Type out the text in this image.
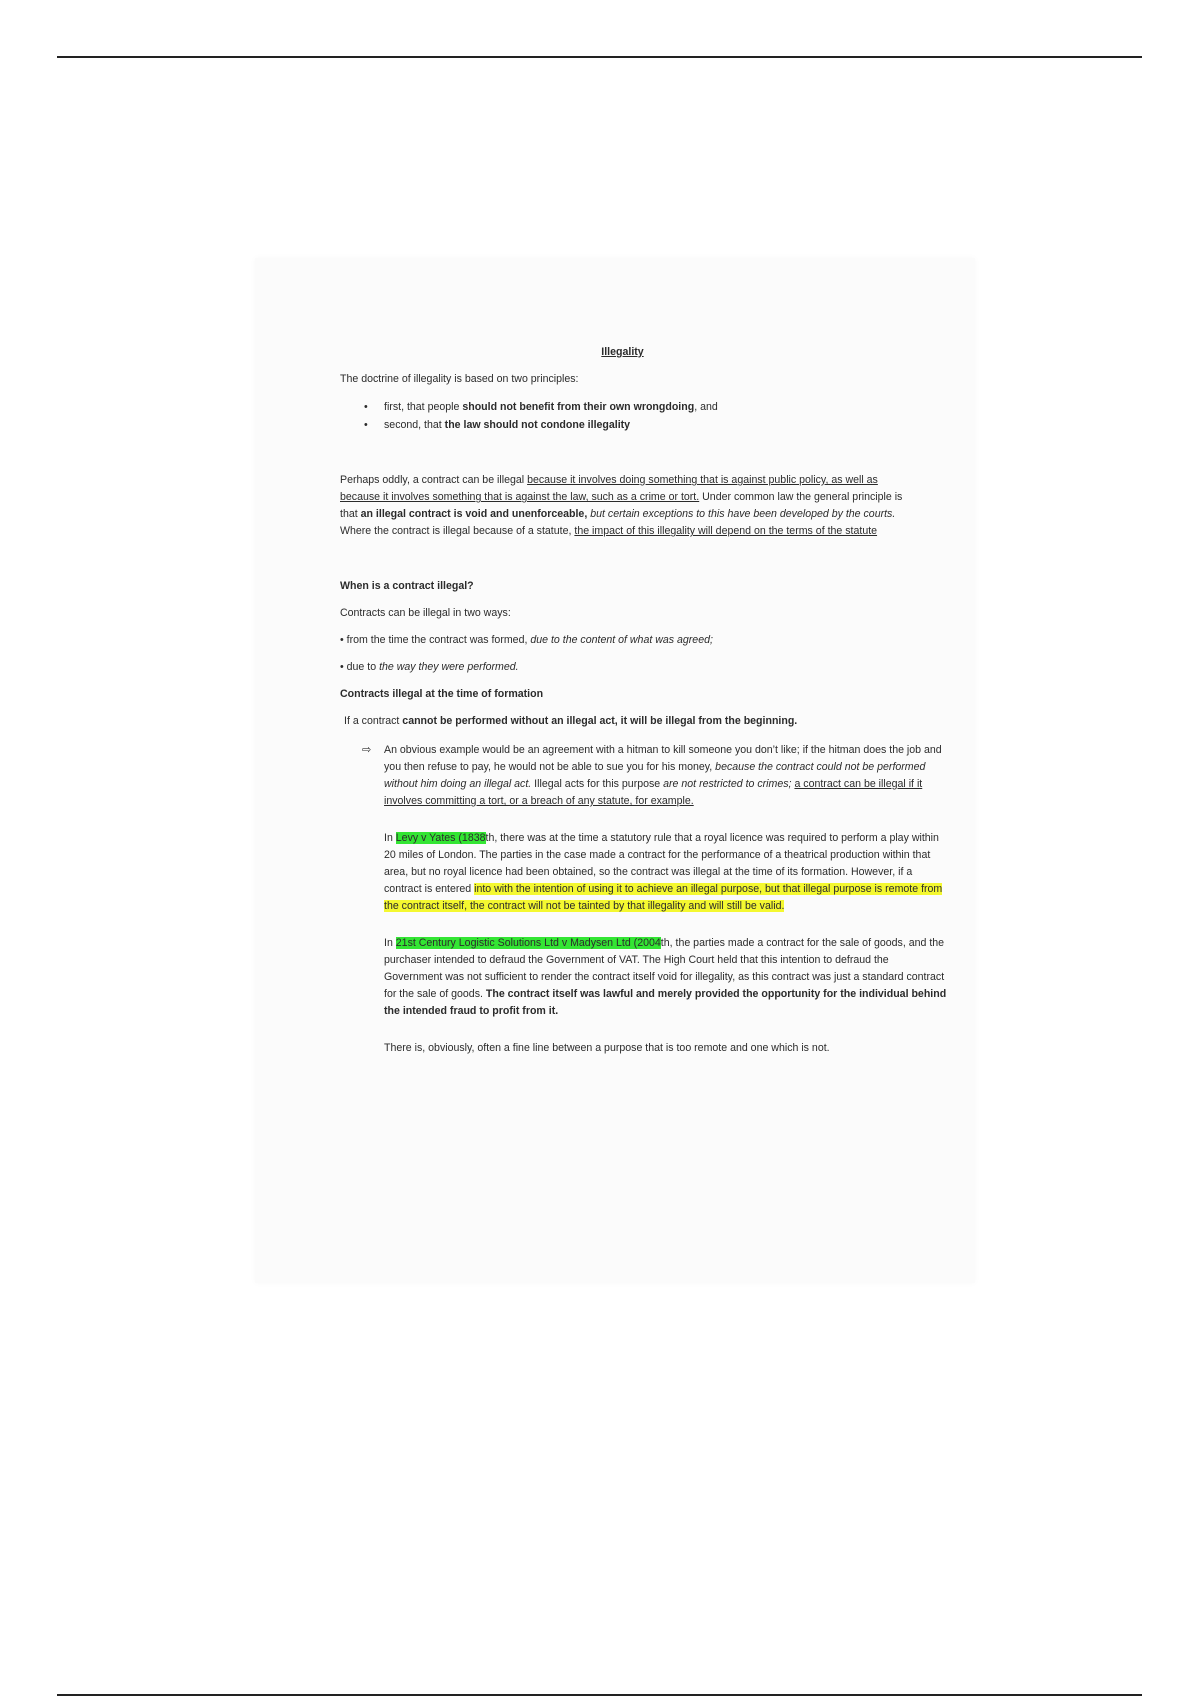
Illegality

The doctrine of illegality is based on two principles:

• first, that people should not benefit from their own wrongdoing, and
• second, that the law should not condone illegality

Perhaps oddly, a contract can be illegal because it involves doing something that is against public policy, as well as because it involves something that is against the law, such as a crime or tort. Under common law the general principle is that an illegal contract is void and unenforceable, but certain exceptions to this have been developed by the courts. Where the contract is illegal because of a statute, the impact of this illegality will depend on the terms of the statute

When is a contract illegal?

Contracts can be illegal in two ways:

• from the time the contract was formed, due to the content of what was agreed;

• due to the way they were performed.

Contracts illegal at the time of formation

If a contract cannot be performed without an illegal act, it will be illegal from the beginning.

⇨ An obvious example would be an agreement with a hitman to kill someone you don’t like; if the hitman does the job and you then refuse to pay, he would not be able to sue you for his money, because the contract could not be performed without him doing an illegal act. Illegal acts for this purpose are not restricted to crimes; a contract can be illegal if it involves committing a tort, or a breach of any statute, for example.

In Levy v Yates (1838th, there was at the time a statutory rule that a royal licence was required to perform a play within 20 miles of London. The parties in the case made a contract for the performance of a theatrical production within that area, but no royal licence had been obtained, so the contract was illegal at the time of its formation. However, if a contract is entered into with the intention of using it to achieve an illegal purpose, but that illegal purpose is remote from the contract itself, the contract will not be tainted by that illegality and will still be valid.

In 21st Century Logistic Solutions Ltd v Madysen Ltd (2004th, the parties made a contract for the sale of goods, and the purchaser intended to defraud the Government of VAT. The High Court held that this intention to defraud the Government was not sufficient to render the contract itself void for illegality, as this contract was just a standard contract for the sale of goods. The contract itself was lawful and merely provided the opportunity for the individual behind the intended fraud to profit from it.

There is, obviously, often a fine line between a purpose that is too remote and one which is not.
